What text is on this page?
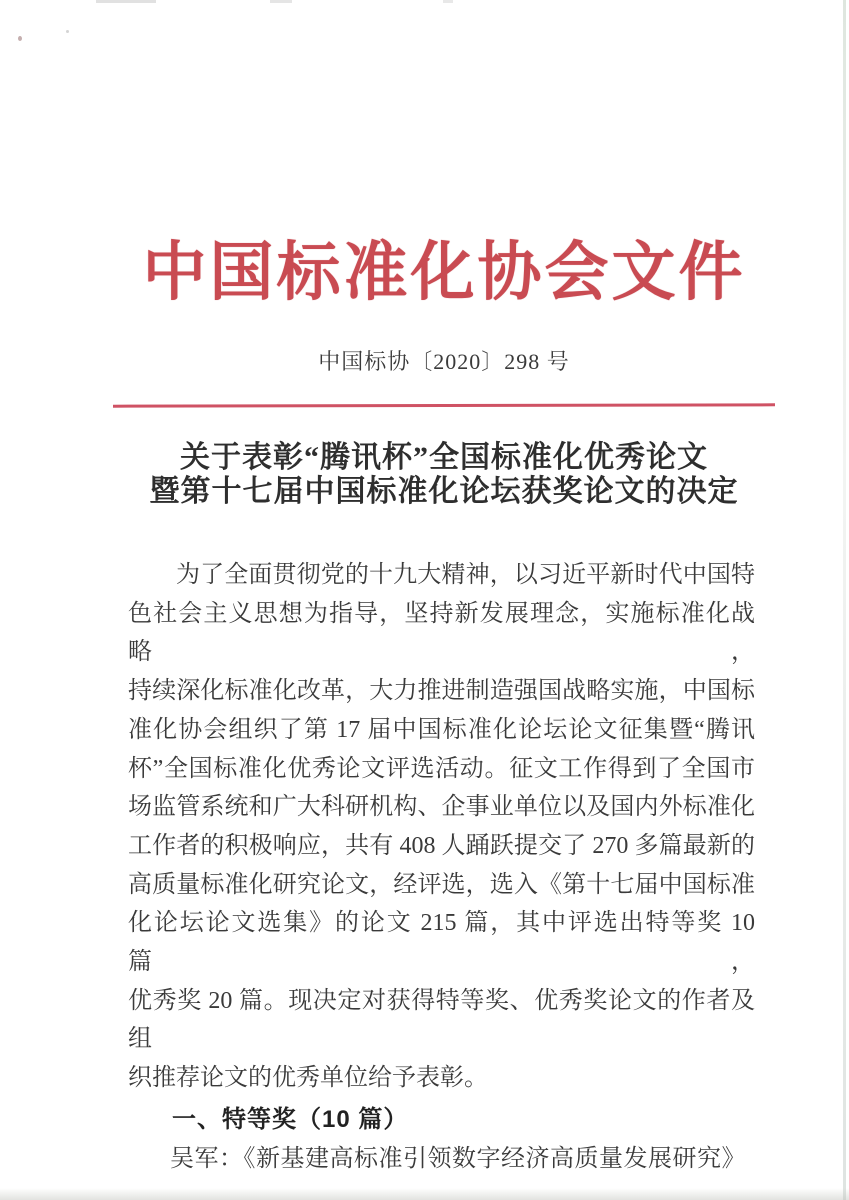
中国标准化协会文件
中国标协〔2020〕298 号
关于表彰“腾讯杯”全国标准化优秀论文
暨第十七届中国标准化论坛获奖论文的决定
为了全面贯彻党的十九大精神，以习近平新时代中国特
色社会主义思想为指导，坚持新发展理念，实施标准化战略，
持续深化标准化改革，大力推进制造强国战略实施，中国标
准化协会组织了第 17 届中国标准化论坛论文征集暨“腾讯
杯”全国标准化优秀论文评选活动。征文工作得到了全国市
场监管系统和广大科研机构、企事业单位以及国内外标准化
工作者的积极响应，共有 408 人踊跃提交了 270 多篇最新的
高质量标准化研究论文，经评选，选入《第十七届中国标准
化论坛论文选集》的论文 215 篇，其中评选出特等奖 10 篇，
优秀奖 20 篇。现决定对获得特等奖、优秀奖论文的作者及组
织推荐论文的优秀单位给予表彰。
一、特等奖（10 篇）
吴军：《新基建高标准引领数字经济高质量发展研究》
